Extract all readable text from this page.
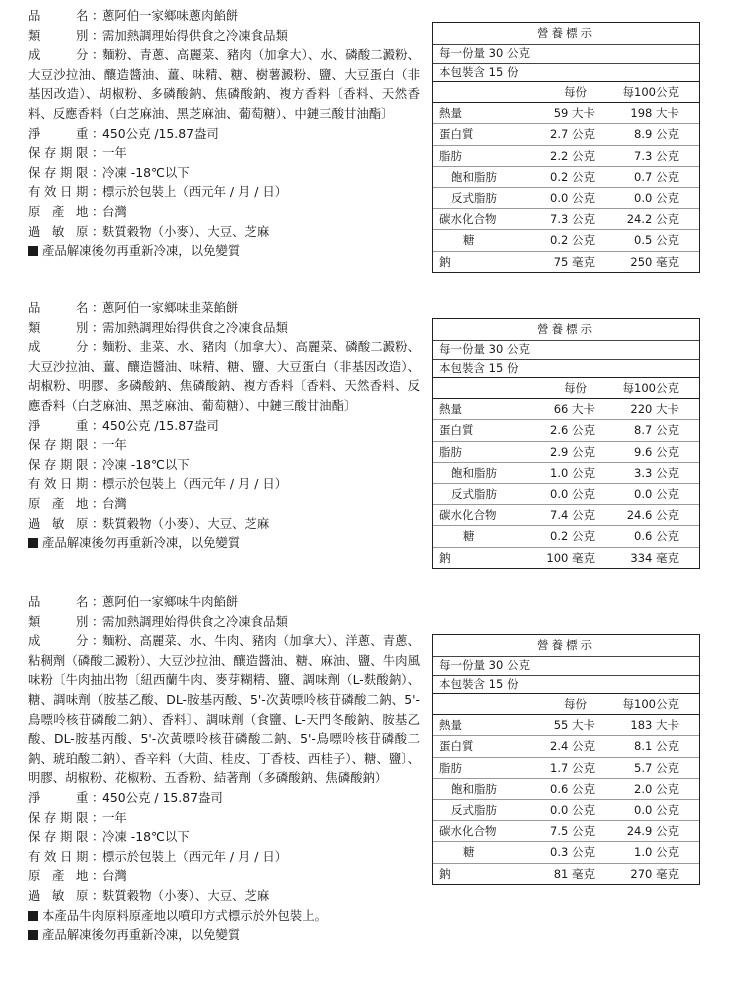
品	名 ：
蔥阿伯一家鄉味蔥肉餡餅
類	別 ：
需加熱調理始得供食之冷凍食品類
成	分 ：
麵粉、青蔥、高麗菜、豬肉（加拿大）、水、磷酸二澱粉、大豆沙拉油、釀造醬油、薑、味精、糖、樹薯澱粉、鹽、大豆蛋白（非基因改造）、胡椒粉、多磷酸鈉、焦磷酸鈉、複方香料〔香料、天然香料、反應香料（白芝麻油、黑芝麻油、葡萄糖）、中鏈三酸甘油酯〕
淨	重 ：
450公克 /15.87盎司
保 存 期 限 ：
一年
保 存 期 限 ：
冷凍 -18℃以下
有 效 日 期 ：
標示於包裝上（西元年 / 月 / 日）
原 產 地 ：
台灣
過 敏 原 ：
麩質穀物（小麥）、大豆、芝麻
產品解凍後勿再重新冷凍，以免變質
營養標示
每一份量 30 公克
本包裝含 15 份
	每份	每100公克
熱量	59 大卡	198 大卡
蛋白質	2.7 公克	8.9 公克
脂肪	2.2 公克	7.3 公克
飽和脂肪	0.2 公克	0.7 公克
反式脂肪	0.0 公克	0.0 公克
碳水化合物	7.3 公克	24.2 公克
糖	0.2 公克	0.5 公克
鈉	75 毫克	250 毫克
品	名 ：
蔥阿伯一家鄉味韭菜餡餅
類	別 ：
需加熱調理始得供食之冷凍食品類
成	分 ：
麵粉、韭菜、水、豬肉（加拿大）、高麗菜、磷酸二澱粉、大豆沙拉油、薑、釀造醬油、味精、糖、鹽、大豆蛋白（非基因改造）、胡椒粉、明膠、多磷酸鈉、焦磷酸鈉、複方香料〔香料、天然香料、反應香料（白芝麻油、黑芝麻油、葡萄糖）、中鏈三酸甘油酯〕
淨	重 ：
450公克 /15.87盎司
保 存 期 限 ：
一年
保 存 期 限 ：
冷凍 -18℃以下
有 效 日 期 ：
標示於包裝上（西元年 / 月 / 日）
原 產 地 ：
台灣
過 敏 原 ：
麩質穀物（小麥）、大豆、芝麻
產品解凍後勿再重新冷凍，以免變質
營養標示
每一份量 30 公克
本包裝含 15 份
	每份	每100公克
熱量	66 大卡	220 大卡
蛋白質	2.6 公克	8.7 公克
脂肪	2.9 公克	9.6 公克
飽和脂肪	1.0 公克	3.3 公克
反式脂肪	0.0 公克	0.0 公克
碳水化合物	7.4 公克	24.6 公克
糖	0.2 公克	0.6 公克
鈉	100 毫克	334 毫克
品	名 ：
蔥阿伯一家鄉味牛肉餡餅
類	別 ：
需加熱調理始得供食之冷凍食品類
成	分 ：
麵粉、高麗菜、水、牛肉、豬肉（加拿大）、洋蔥、青蔥、粘稠劑（磷酸二澱粉）、大豆沙拉油、釀造醬油、糖、麻油、鹽、牛肉風味粉〔牛肉抽出物〔紐西蘭牛肉、麥芽糊精、鹽、調味劑（L-麩酸鈉）、糖、調味劑（胺基乙酸、DL-胺基丙酸、5'-次黃嘌呤核苷磷酸二鈉、5'-鳥嘌呤核苷磷酸二鈉）、香料〕、調味劑（食鹽、L-天門冬酸鈉、胺基乙酸、DL-胺基丙酸、5'-次黃嘌呤核苷磷酸二鈉、5'-鳥嘌呤核苷磷酸二鈉、琥珀酸二鈉）、香辛料（大茴、桂皮、丁香枝、西桂子）、糖、鹽〕、明膠、胡椒粉、花椒粉、五香粉、結著劑（多磷酸鈉、焦磷酸鈉）
淨	重 ：
450公克 / 15.87盎司
保 存 期 限 ：
一年
保 存 期 限 ：
冷凍 -18℃以下
有 效 日 期 ：
標示於包裝上（西元年 / 月 / 日）
原 產 地 ：
台灣
過 敏 原 ：
麩質穀物（小麥）、大豆、芝麻
本產品牛肉原料原產地以噴印方式標示於外包裝上。
產品解凍後勿再重新冷凍，以免變質
營養標示
每一份量 30 公克
本包裝含 15 份
	每份	每100公克
熱量	55 大卡	183 大卡
蛋白質	2.4 公克	8.1 公克
脂肪	1.7 公克	5.7 公克
飽和脂肪	0.6 公克	2.0 公克
反式脂肪	0.0 公克	0.0 公克
碳水化合物	7.5 公克	24.9 公克
糖	0.3 公克	1.0 公克
鈉	81 毫克	270 毫克
